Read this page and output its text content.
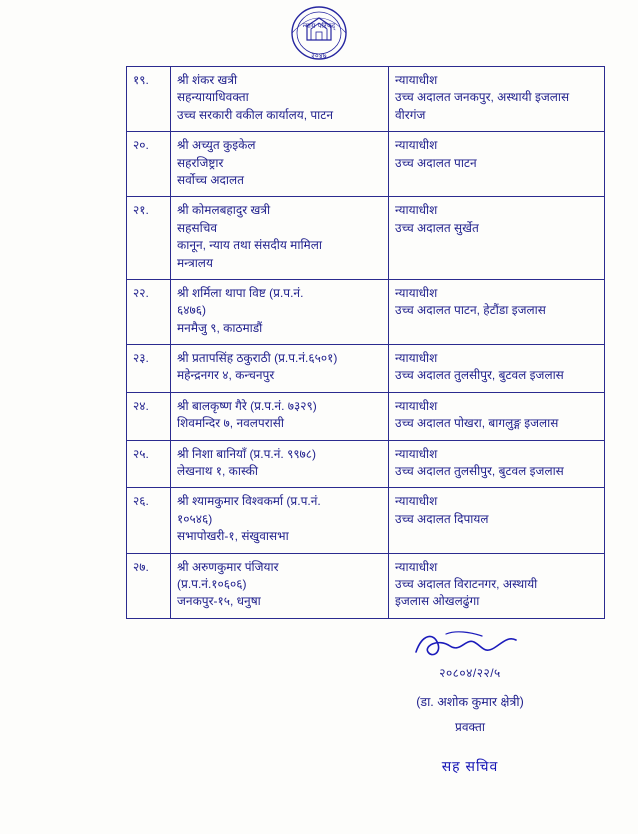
न्याय परिषद्
२०४७
१९.	श्री शंकर खत्री
सहन्यायाधिवक्ता
उच्च सरकारी वकील कार्यालय, पाटन	न्यायाधीश
उच्च अदालत जनकपुर, अस्थायी इजलास
वीरगंज

२०.	श्री अच्युत कुइकेल
सहरजिष्ट्रार
सर्वोच्च अदालत	न्यायाधीश
उच्च अदालत पाटन

२१.	श्री कोमलबहादुर खत्री
सहसचिव
कानून, न्याय तथा संसदीय मामिला
मन्त्रालय	न्यायाधीश
उच्च अदालत सुर्खेत

२२.	श्री शर्मिला थापा विष्ट (प्र.प.नं.
६४७६)
मनमैजु ९, काठमाडौं	न्यायाधीश
उच्च अदालत पाटन, हेटौंडा इजलास

२३.	श्री प्रतापसिंह ठकुराठी (प्र.प.नं.६५०१)
महेन्द्रनगर ४, कन्चनपुर	न्यायाधीश
उच्च अदालत तुलसीपुर, बुटवल इजलास

२४.	श्री बालकृष्ण गैरे (प्र.प.नं. ७३२९)
शिवमन्दिर ७, नवलपरासी	न्यायाधीश
उच्च अदालत पोखरा, बागलुङ्ग इजलास

२५.	श्री निशा बानियाँ (प्र.प.नं. ९९७८)
लेखनाथ १, कास्की	न्यायाधीश
उच्च अदालत तुलसीपुर, बुटवल इजलास

२६.	श्री श्यामकुमार विश्वकर्मा (प्र.प.नं.
१०५४६)
सभापोखरी-१, संखुवासभा	न्यायाधीश
उच्च अदालत दिपायल

२७.	श्री अरुणकुमार पंजियार
(प्र.प.नं.१०६०६)
जनकपुर-१५, धनुषा	न्यायाधीश
उच्च अदालत विराटनगर, अस्थायी
इजलास ओखलढुंगा
२०८०४/२२/५
(डा. अशोक कुमार क्षेत्री)
प्रवक्ता
सह सचिव
